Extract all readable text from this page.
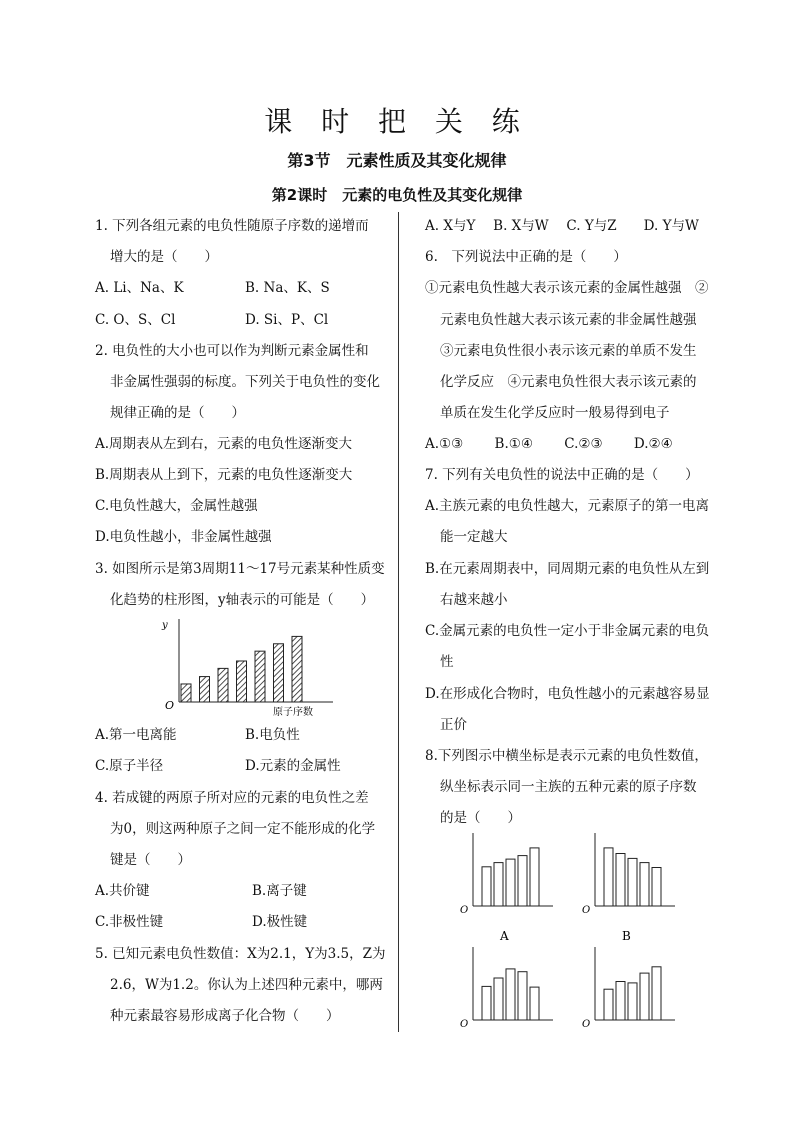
课 时 把 关 练
第3节　元素性质及其变化规律
第2课时　元素的电负性及其变化规律
1. 下列各组元素的电负性随原子序数的递增而
增大的是（　　）
A. Li、Na、K	B. Na、K、S
C. O、S、Cl	D. Si、P、Cl
2. 电负性的大小也可以作为判断元素金属性和
非金属性强弱的标度。下列关于电负性的变化
规律正确的是（　　）
A.周期表从左到右，元素的电负性逐渐变大
B.周期表从上到下，元素的电负性逐渐变大
C.电负性越大，金属性越强
D.电负性越小，非金属性越强
3. 如图所示是第3周期11～17号元素某种性质变
化趋势的柱形图，y轴表示的可能是（　　）
y
O
原子序数
A.第一电离能	B.电负性
C.原子半径	D.元素的金属性
4. 若成键的两原子所对应的元素的电负性之差
为0，则这两种原子之间一定不能形成的化学
键是（　　）
A.共价键	B.离子键
C.非极性键	D.极性键
5. 已知元素电负性数值：X为2.1，Y为3.5，Z为
2.6，W为1.2。你认为上述四种元素中，哪两
种元素最容易形成离子化合物（　　）
A. X与Y　 B. X与W　 C. Y与Z　　D. Y与W
6.　下列说法中正确的是（　　）
①元素电负性越大表示该元素的金属性越强　②
元素电负性越大表示该元素的非金属性越强
③元素电负性很小表示该元素的单质不发生
化学反应　④元素电负性很大表示该元素的
单质在发生化学反应时一般易得到电子
A.①③　　 B.①④　　 C.②③　　 D.②④
7. 下列有关电负性的说法中正确的是（　　）
A.主族元素的电负性越大，元素原子的第一电离
能一定越大
B.在元素周期表中，同周期元素的电负性从左到
右越来越小
C.金属元素的电负性一定小于非金属元素的电负
性
D.在形成化合物时，电负性越小的元素越容易显
正价
8.下列图示中横坐标是表示元素的电负性数值，
纵坐标表示同一主族的五种元素的原子序数
的是（　　）
O
A
O
B
O	O
